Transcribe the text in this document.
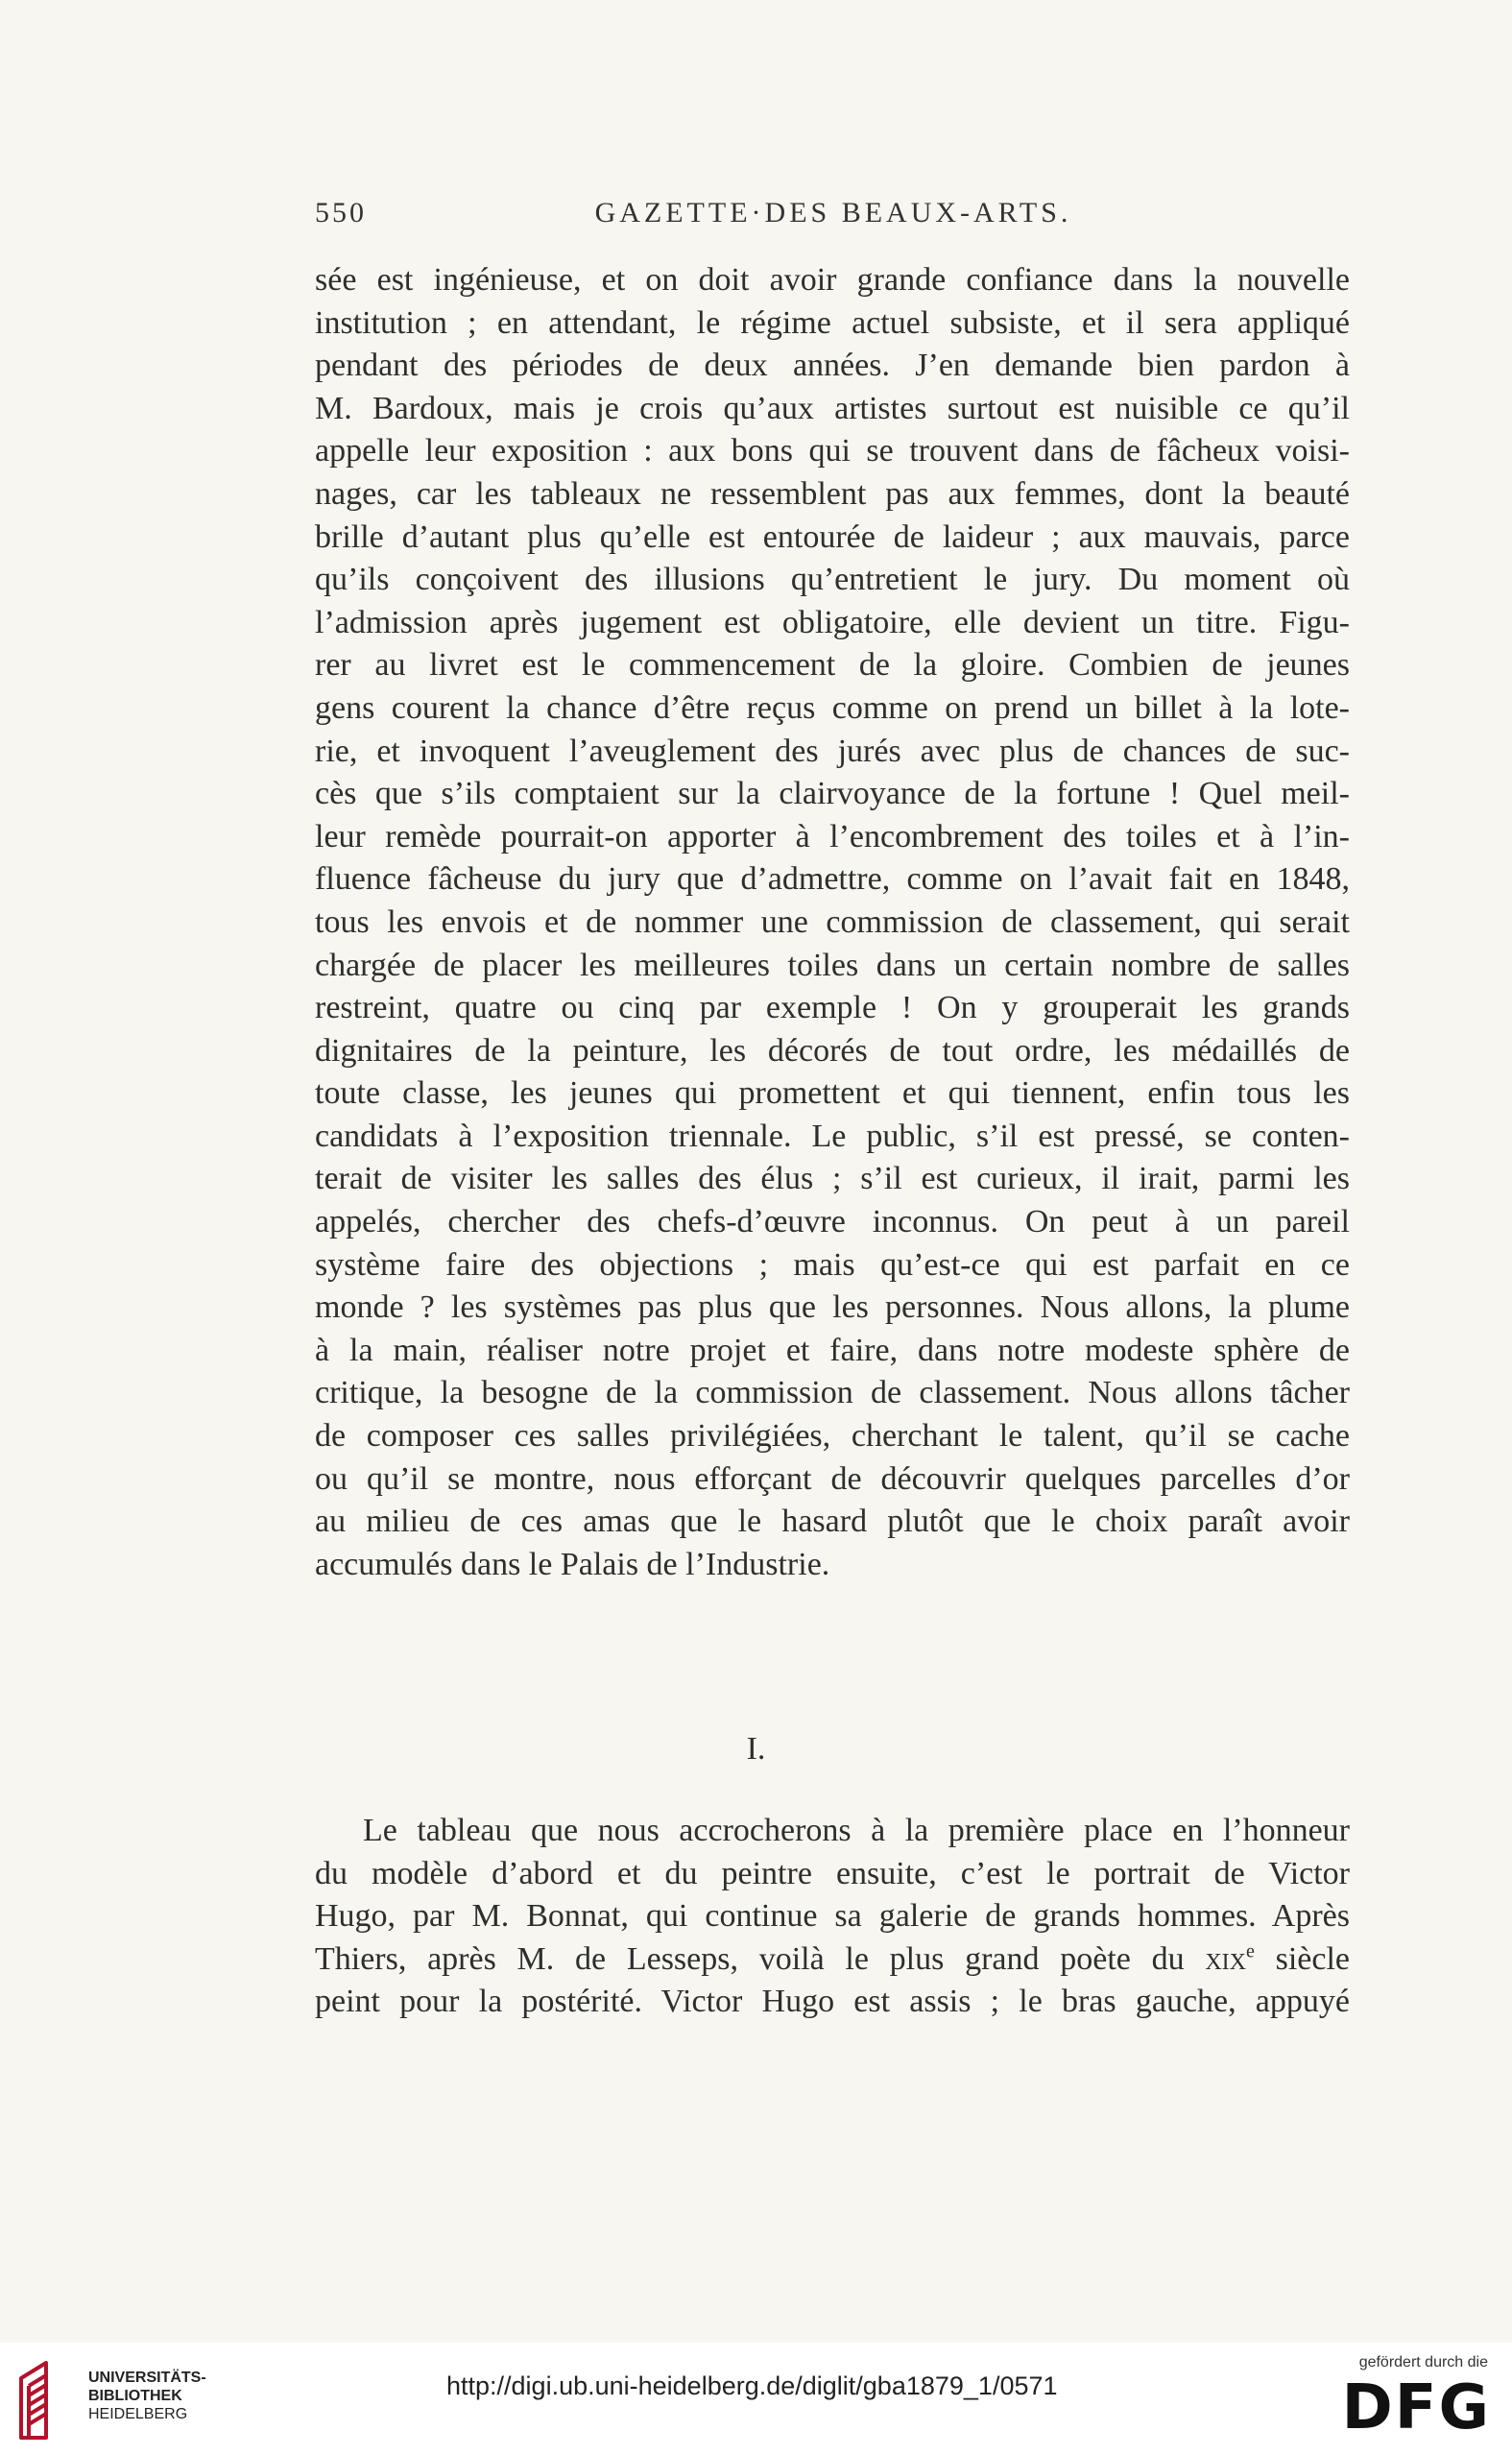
550	GAZETTE·DES BEAUX-ARTS.
sée est ingénieuse, et on doit avoir grande confiance dans la nouvelle
institution ; en attendant, le régime actuel subsiste, et il sera appliqué
pendant des périodes de deux années. J’en demande bien pardon à
M. Bardoux, mais je crois qu’aux artistes surtout est nuisible ce qu’il
appelle leur exposition : aux bons qui se trouvent dans de fâcheux voisi-
nages, car les tableaux ne ressemblent pas aux femmes, dont la beauté
brille d’autant plus qu’elle est entourée de laideur ; aux mauvais, parce
qu’ils conçoivent des illusions qu’entretient le jury. Du moment où
l’admission après jugement est obligatoire, elle devient un titre. Figu-
rer au livret est le commencement de la gloire. Combien de jeunes
gens courent la chance d’être reçus comme on prend un billet à la lote-
rie, et invoquent l’aveuglement des jurés avec plus de chances de suc-
cès que s’ils comptaient sur la clairvoyance de la fortune ! Quel meil-
leur remède pourrait-on apporter à l’encombrement des toiles et à l’in-
fluence fâcheuse du jury que d’admettre, comme on l’avait fait en 1848,
tous les envois et de nommer une commission de classement, qui serait
chargée de placer les meilleures toiles dans un certain nombre de salles
restreint, quatre ou cinq par exemple ! On y grouperait les grands
dignitaires de la peinture, les décorés de tout ordre, les médaillés de
toute classe, les jeunes qui promettent et qui tiennent, enfin tous les
candidats à l’exposition triennale. Le public, s’il est pressé, se conten-
terait de visiter les salles des élus ; s’il est curieux, il irait, parmi les
appelés, chercher des chefs-d’œuvre inconnus. On peut à un pareil
système faire des objections ; mais qu’est-ce qui est parfait en ce
monde ? les systèmes pas plus que les personnes. Nous allons, la plume
à la main, réaliser notre projet et faire, dans notre modeste sphère de
critique, la besogne de la commission de classement. Nous allons tâcher
de composer ces salles privilégiées, cherchant le talent, qu’il se cache
ou qu’il se montre, nous efforçant de découvrir quelques parcelles d’or
au milieu de ces amas que le hasard plutôt que le choix paraît avoir
accumulés dans le Palais de l’Industrie.
I.
Le tableau que nous accrocherons à la première place en l’honneur
du modèle d’abord et du peintre ensuite, c’est le portrait de Victor
Hugo, par M. Bonnat, qui continue sa galerie de grands hommes. Après
Thiers, après M. de Lesseps, voilà le plus grand poète du xix$^e$ siècle
peint pour la postérité. Victor Hugo est assis ; le bras gauche, appuyé
UNIVERSITÄTS-
BIBLIOTHEK
HEIDELBERG
http://digi.ub.uni-heidelberg.de/diglit/gba1879_1/0571
gefördert durch die
DFG
